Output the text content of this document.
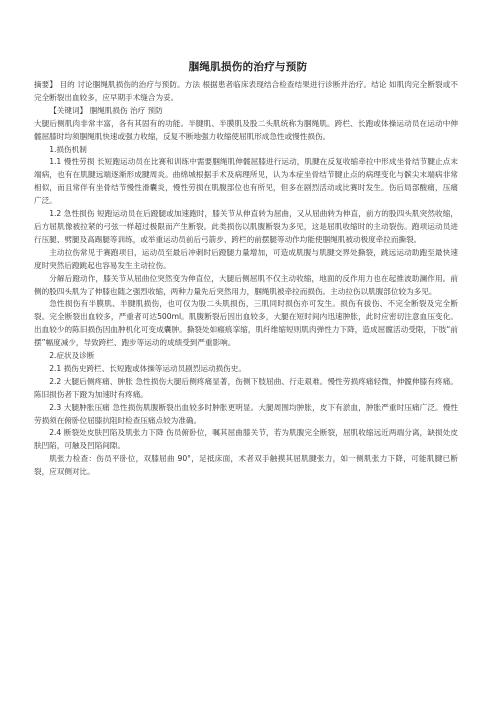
腘绳肌损伤的治疗与预防

摘要】 目的 讨论腘绳肌损伤的治疗与预防。方法 根据患者临床表现结合检查结果进行诊断并治疗。结论 如肌肉完全断裂或不完全断裂出血较多，应早期手术缝合为妥。

【关键词】 腘绳肌损伤 治疗 预防

大腿后侧肌肉非常丰富，各有其固有的功能。半腱肌、半膜肌及股二头肌统称为腘绳肌。跨栏、长跑或体操运动员在运动中伸髋屈膝时均须腘绳肌快速或强力收缩，反复不断地强力收缩使屈肌形成急性或慢性损伤。

1.损伤机制

1.1 慢性劳损 长短跑运动员在比赛和训练中需要腘绳肌伸髋屈膝进行运动，肌腱在反复收缩牵拉中形成坐骨结节腱止点末端病，也有在肌腱远端逐渐形成腱周炎。曲绵城根据手术及病理所见，认为本症坐骨结节腱止点的病理变化与髌尖末端病非常相似，而且常伴有坐骨结节慢性滑囊炎，慢性劳损在肌腹部位也有所见，但多在剧烈活动或比赛时发生。伤后局部酸痛，压痛广泛。

1.2 急性损伤 短跑运动员在后蹬腿或加速跑时，膝关节从伸直转为屈曲，又从屈曲转为伸直，前方的股四头肌突然收缩，后方屈肌像被拉紧的弓弦一样超过极限而产生断裂。此类损伤以肌腹断裂为多见，这是屈肌收缩时的主动裂伤。跑项运动员进行压腿、劈腿及高踢腿等训练，或举重运动员前后弓箭步、跨栏的前摆腿等动作均能使腘绳肌被动极度牵拉而撕裂。

主动拉伤常见于赛跑项目，运动员至最后冲刺时后蹬腿力量增加，可造成肌腹与肌腱交界处撕裂，跳远运动助跑至最快速度时突然后蹬跳起也容易发生主动拉伤。

分解后蹬动作，膝关节从屈曲位突然变为伸直位，大腿后侧屈肌不仅主动收缩，地面的反作用力也在起推波助澜作用。前侧的股四头肌为了伸膝也随之强烈收缩，两种力量先后突然用力，腘绳肌被牵拉而损伤。主动拉伤以肌腹部位较为多见。

急性损伤有半膜肌、半腱肌损伤，也可仅为股二头肌损伤，三肌同时损伤亦可发生。损伤有拔伤、不完全断裂及完全断裂。完全断裂出血较多，严重者可达500ml。肌腹断裂后因出血较多，大腿在短时间内迅速肿胀，此时应密切注意血压变化。出血较少的陈旧损伤因血肿机化可变成囊肿。撕裂处如瘢痕挛缩，肌纤维缩短则肌肉弹性力下降，造成屈髋活动受限，下肢“前摆”幅度减少，导致跨栏、跑步等运动的成绩受到严重影响。

2.症状及诊断

2.1 损伤史跨栏、长短跑或体操等运动员剧烈运动损伤史。

2.2 大腿后侧疼痛、肿胀 急性损伤大腿后侧疼痛显著，伤侧下肢屈曲、行走艰难。慢性劳损疼痛轻微，伸髋伸膝有疼痛。陈旧损伤者下蹬为加速时有疼痛。

2.3 大腿肿胀压痛 急性损伤肌腹断裂出血较多时肿胀更明显。大腿周围均肿胀，皮下有淤血，肿胀严重时压痛广泛。慢性劳损须在俯卧位屈膝抗阻时检查压痛点较为准确。

2.4 断裂处皮肤凹陷及肌张力下降 伤员俯卧位，嘱其屈曲膝关节，若为肌腹完全断裂，屈肌收缩远近两端分离，缺损处皮肤凹陷，可触及凹陷间隙。

肌张力检查：伤员平卧位，双膝屈曲 90°，足抵床面，术者双手触摸其屈肌腱张力，如一侧肌张力下降，可能肌腱已断裂，应双侧对比。
